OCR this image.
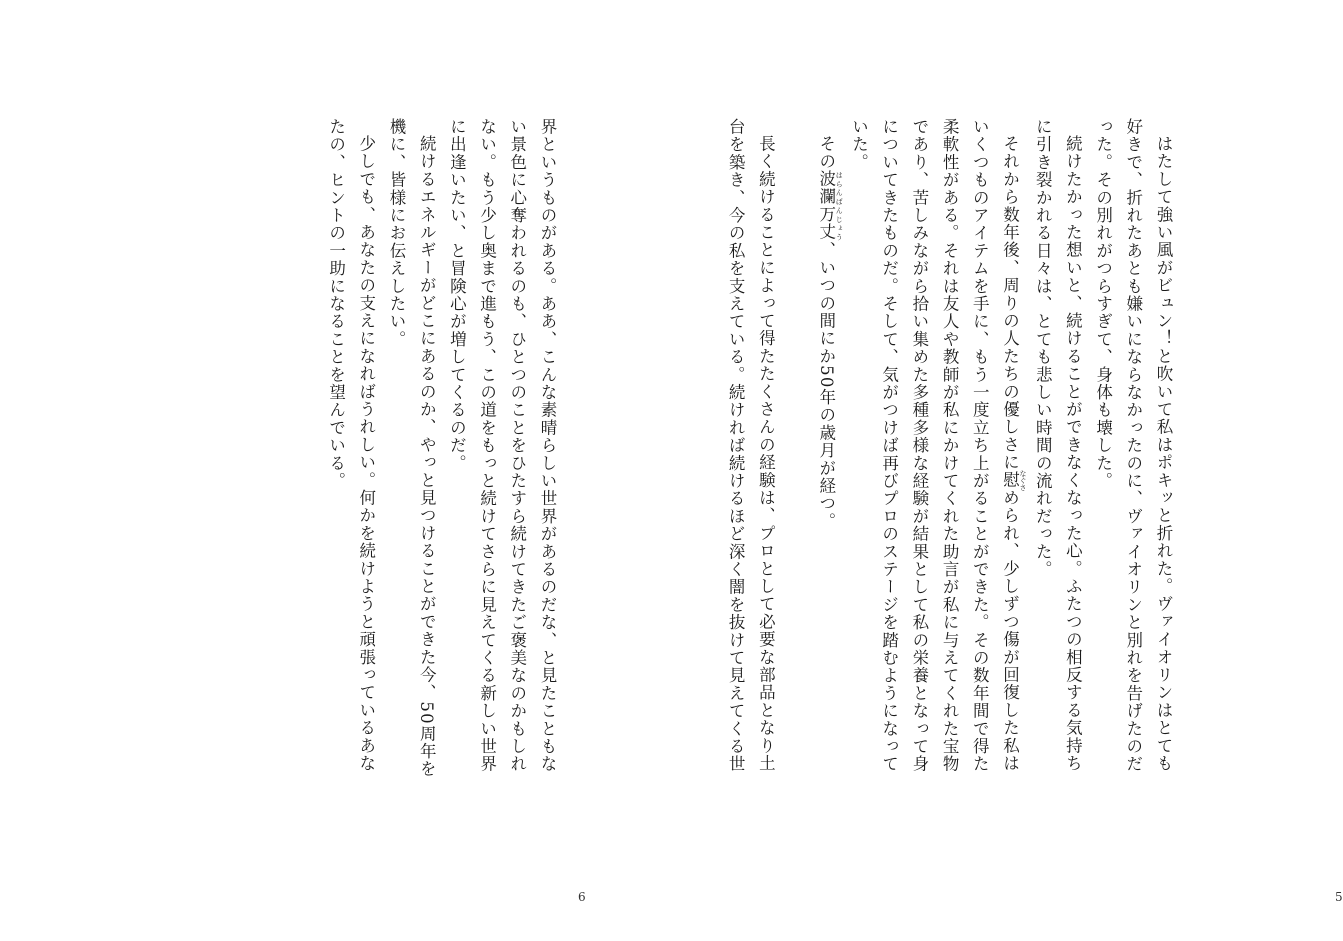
界というものがある。ああ、こんな素晴らしい世界があるのだな、と見たこともない景色に心奪われるのも、ひとつのことをひたすら続けてきたご褒美なのかもしれない。もう少し奥まで進もう、この道をもっと続けてさらに見えてくる新しい世界に出逢いたい、と冒険心が増してくるのだ。

続けるエネルギーがどこにあるのか、やっと見つけることができた今、50周年を機に、皆様にお伝えしたい。

少しでも、あなたの支えになればうれしい。何かを続けようと頑張っているあなたの、ヒントの一助になることを望んでいる。

6

はたして強い風がビュン！と吹いて私はポキッと折れた。ヴァイオリンはとても好きで、折れたあとも嫌いにならなかったのに、ヴァイオリンと別れを告げたのだった。その別れがつらすぎて、身体も壊した。

続けたかった想いと、続けることができなくなった心。ふたつの相反する気持ちに引き裂かれる日々は、とても悲しい時間の流れだった。

それから数年後、周りの人たちの優しさに慰 なぐさめられ、少しずつ傷が回復した私はいくつものアイテムを手に、もう一度立ち上がることができた。その数年間で得た柔軟性がある。それは友人や教師が私にかけてくれた助言が私に与えてくれた宝物であり、苦しみながら拾い集めた多種多様な経験が結果として私の栄養となって身についてきたものだ。そして、気がつけば再びプロのステージを踏むようになっていた。

その波瀾万丈 はらんばんじょう、いつの間にか50年の歳月が経つ。

長く続けることによって得たたくさんの経験は、プロとして必要な部品となり土台を築き、今の私を支えている。続ければ続けるほど深く闇を抜けて見えてくる世

5
